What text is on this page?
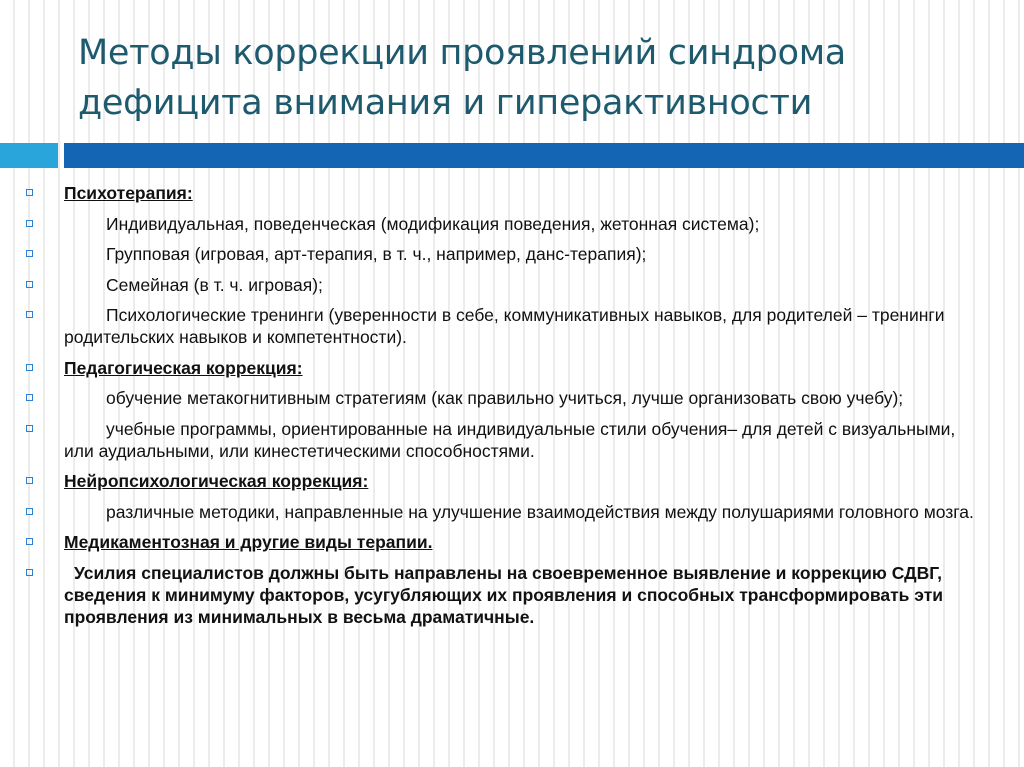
Методы коррекции проявлений синдрома дефицита внимания и гиперактивности
Психотерапия:
Индивидуальная, поведенческая (модификация поведения, жетонная система);
Групповая (игровая, арт-терапия, в т. ч., например, данс-терапия);
Семейная (в т. ч. игровая);
Психологические тренинги (уверенности в себе, коммуникативных навыков, для родителей – тренинги родительских навыков и компетентности).
Педагогическая коррекция:
обучение метакогнитивным стратегиям (как правильно учиться, лучше организовать свою учебу);
учебные программы, ориентированные на индивидуальные стили обучения– для детей с визуальными, или аудиальными, или кинестетическими способностями.
Нейропсихологическая коррекция:
различные методики, направленные на улучшение взаимодействия между полушариями головного мозга.
Медикаментозная и другие виды терапии.
Усилия специалистов должны быть направлены на своевременное выявление и коррекцию СДВГ, сведения к минимуму факторов, усугубляющих их проявления и способных трансформировать эти проявления из минимальных в весьма драматичные.
